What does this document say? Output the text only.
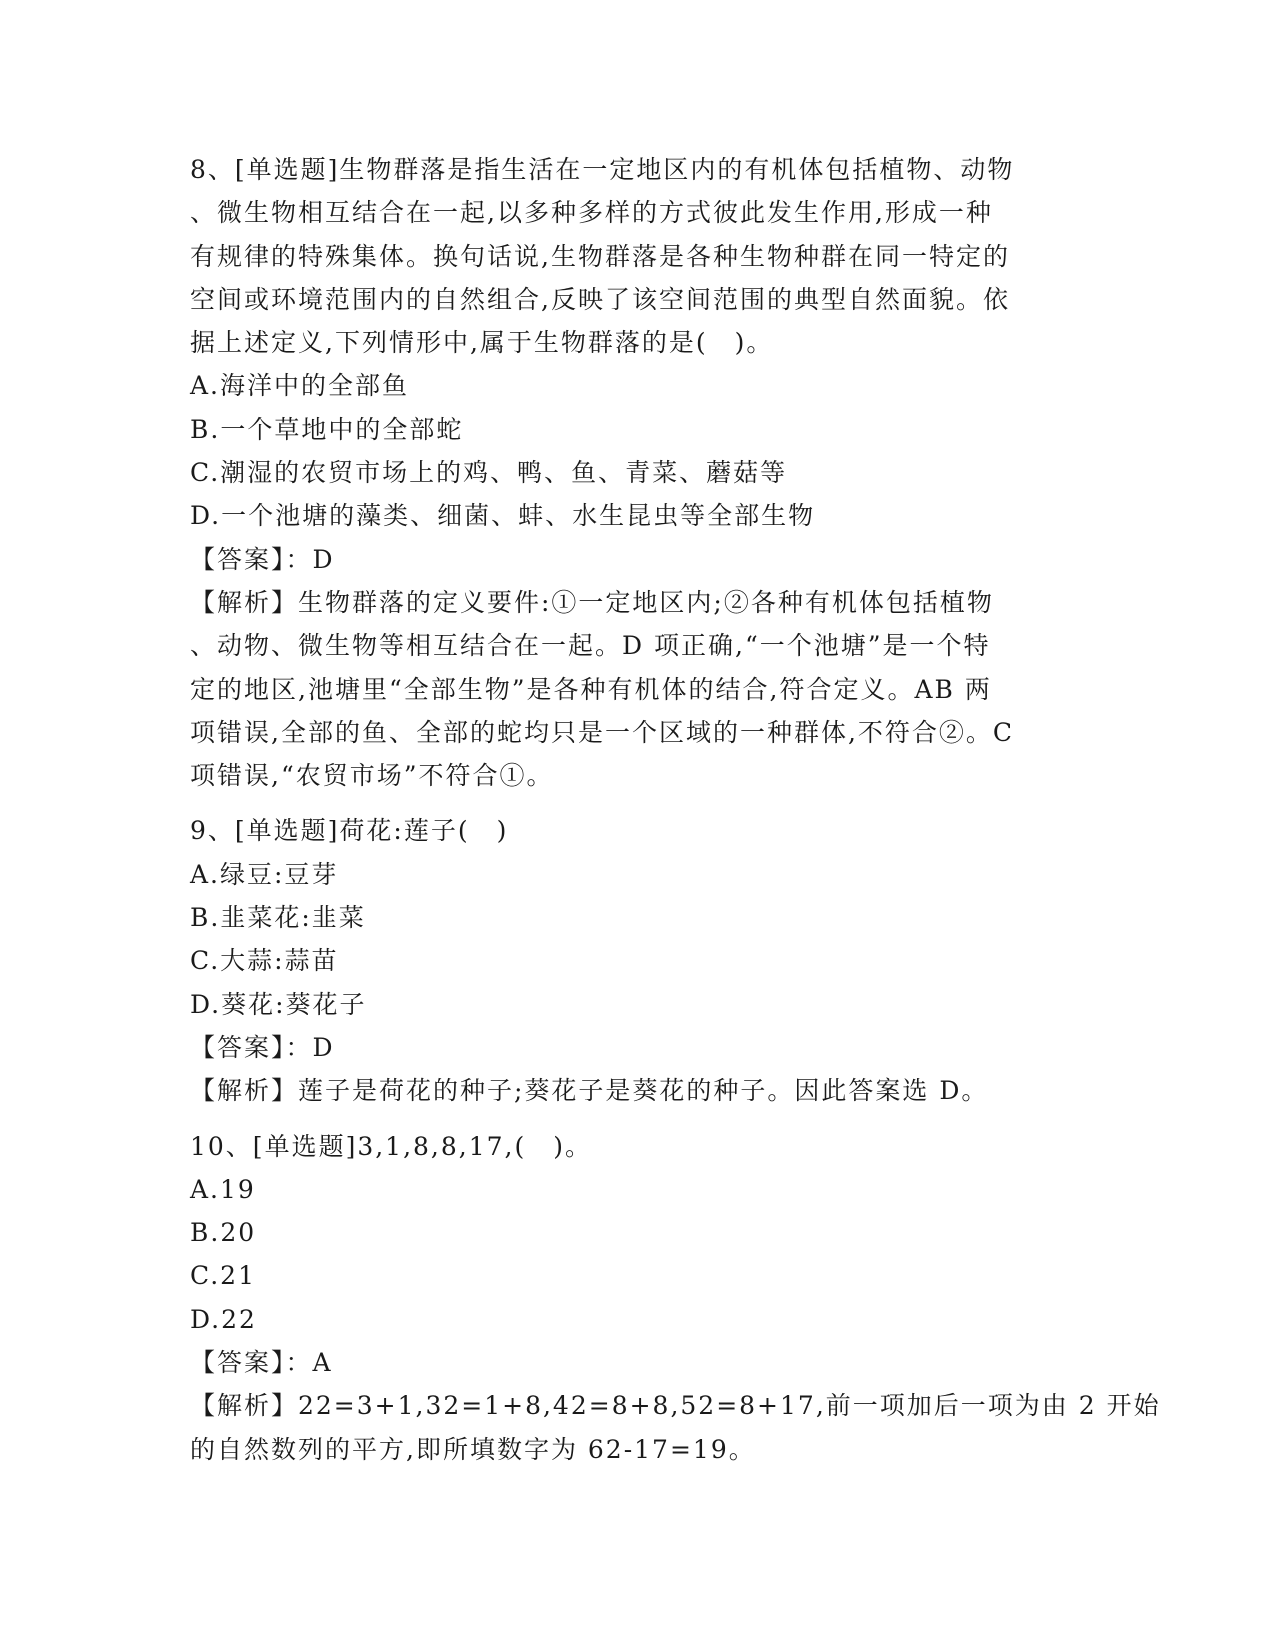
8、[单选题]生物群落是指生活在一定地区内的有机体包括植物、动物
、微生物相互结合在一起,以多种多样的方式彼此发生作用,形成一种
有规律的特殊集体。换句话说,生物群落是各种生物种群在同一特定的
空间或环境范围内的自然组合,反映了该空间范围的典型自然面貌。依
据上述定义,下列情形中,属于生物群落的是(　)。
A.海洋中的全部鱼
B.一个草地中的全部蛇
C.潮湿的农贸市场上的鸡、鸭、鱼、青菜、蘑菇等
D.一个池塘的藻类、细菌、蚌、水生昆虫等全部生物
【答案】：D
【解析】生物群落的定义要件:①一定地区内;②各种有机体包括植物
、动物、微生物等相互结合在一起。D 项正确,“一个池塘”是一个特
定的地区,池塘里“全部生物”是各种有机体的结合,符合定义。AB 两
项错误,全部的鱼、全部的蛇均只是一个区域的一种群体,不符合②。C
项错误,“农贸市场”不符合①。
9、[单选题]荷花:莲子(　)
A.绿豆:豆芽
B.韭菜花:韭菜
C.大蒜:蒜苗
D.葵花:葵花子
【答案】：D
【解析】莲子是荷花的种子;葵花子是葵花的种子。因此答案选 D。
10、[单选题]3,1,8,8,17,(　)。
A.19
B.20
C.21
D.22
【答案】：A
【解析】22=3+1,32=1+8,42=8+8,52=8+17,前一项加后一项为由 2 开始
的自然数列的平方,即所填数字为 62-17=19。
